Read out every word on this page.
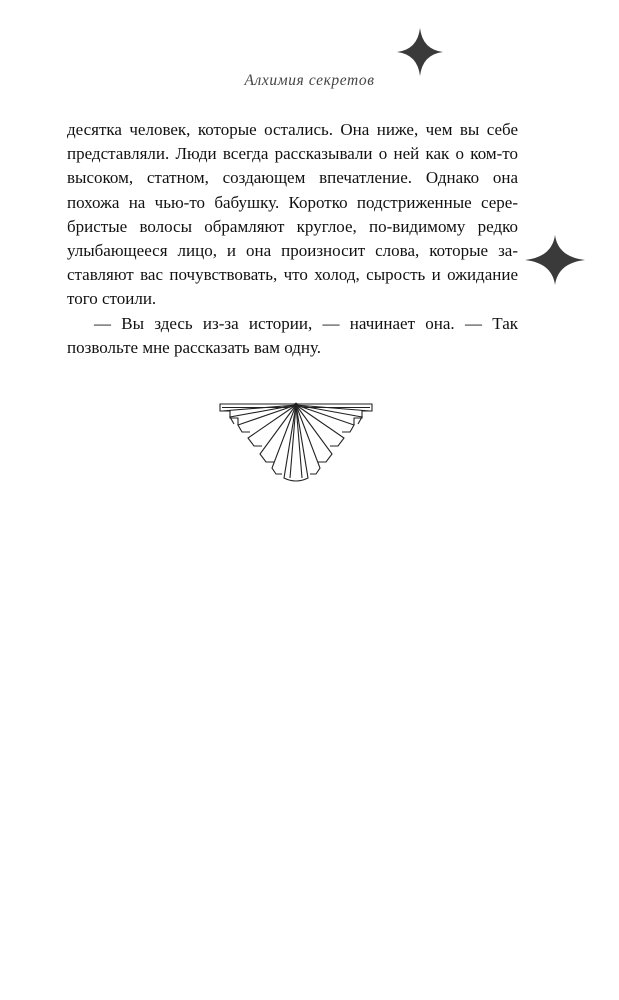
Алхимия секретов

десятка человек, которые остались. Она ниже, чем вы себе
представляли. Люди всегда рассказывали о ней как о ком-то
высоком, статном, создающем впечатление. Однако она
похожа на чью-то бабушку. Коротко подстриженные сере-
бристые волосы обрамляют круглое, по-видимому редко
улыбающееся лицо, и она произносит слова, которые за-
ставляют вас почувствовать, что холод, сырость и ожидание
того стоили.

— Вы здесь из-за истории, — начинает она. — Так
позвольте мне рассказать вам одну.
